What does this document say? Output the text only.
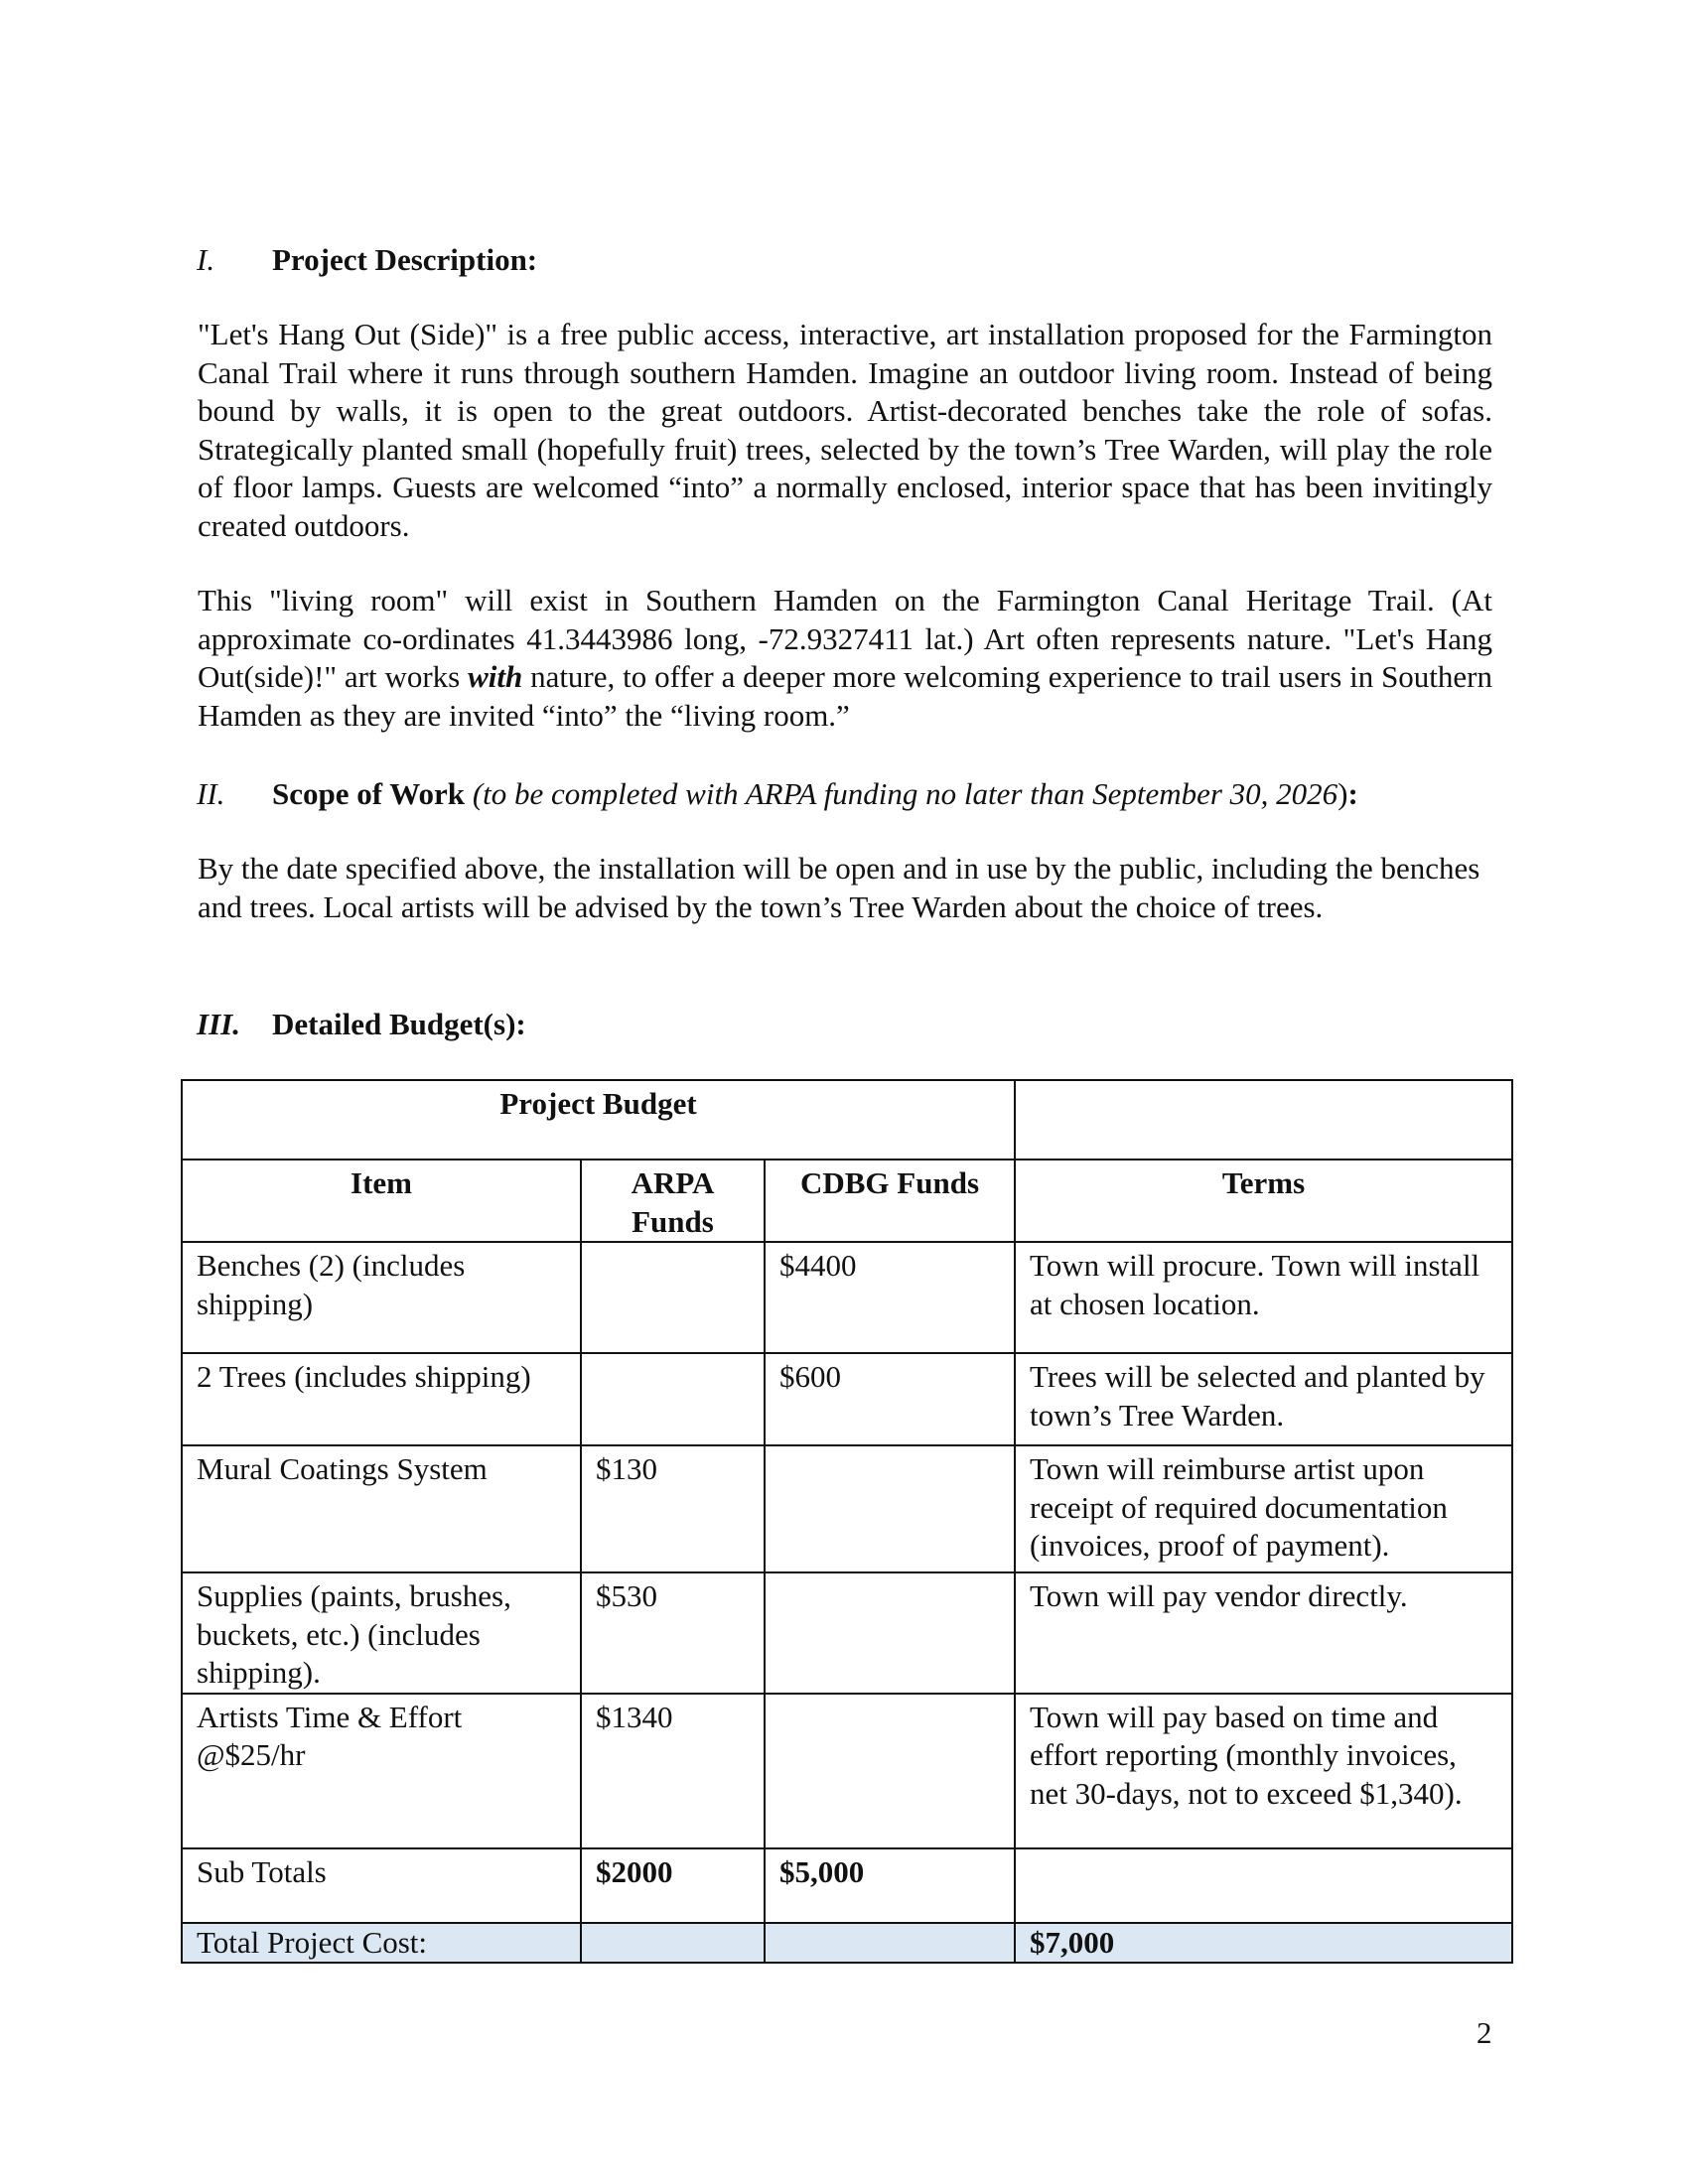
I. Project Description:

"Let's Hang Out (Side)" is a free public access, interactive, art installation proposed for the Farmington Canal Trail where it runs through southern Hamden. Imagine an outdoor living room. Instead of being bound by walls, it is open to the great outdoors. Artist-decorated benches take the role of sofas. Strategically planted small (hopefully fruit) trees, selected by the town’s Tree Warden, will play the role of floor lamps. Guests are welcomed “into” a normally enclosed, interior space that has been invitingly created outdoors.

This "living room" will exist in Southern Hamden on the Farmington Canal Heritage Trail. (At approximate co-ordinates 41.3443986 long, -72.9327411 lat.) Art often represents nature. "Let's Hang Out(side)!" art works with nature, to offer a deeper more welcoming experience to trail users in Southern Hamden as they are invited “into” the “living room.”

II. Scope of Work (to be completed with ARPA funding no later than September 30, 2026):

By the date specified above, the installation will be open and in use by the public, including the benches and trees. Local artists will be advised by the town’s Tree Warden about the choice of trees.

III. Detailed Budget(s):
Project Budget			
Item	ARPA Funds	CDBG Funds	Terms
Benches (2) (includes shipping)		$4400	Town will procure. Town will install at chosen location.
2 Trees (includes shipping)		$600	Trees will be selected and planted by town’s Tree Warden.
Mural Coatings System	$130		Town will reimburse artist upon receipt of required documentation (invoices, proof of payment).
Supplies (paints, brushes, buckets, etc.) (includes shipping).	$530		Town will pay vendor directly.
Artists Time & Effort @$25/hr	$1340		Town will pay based on time and effort reporting (monthly invoices, net 30-days, not to exceed $1,340).
Sub Totals	$2000	$5,000	
Total Project Cost:			$7,000
2
